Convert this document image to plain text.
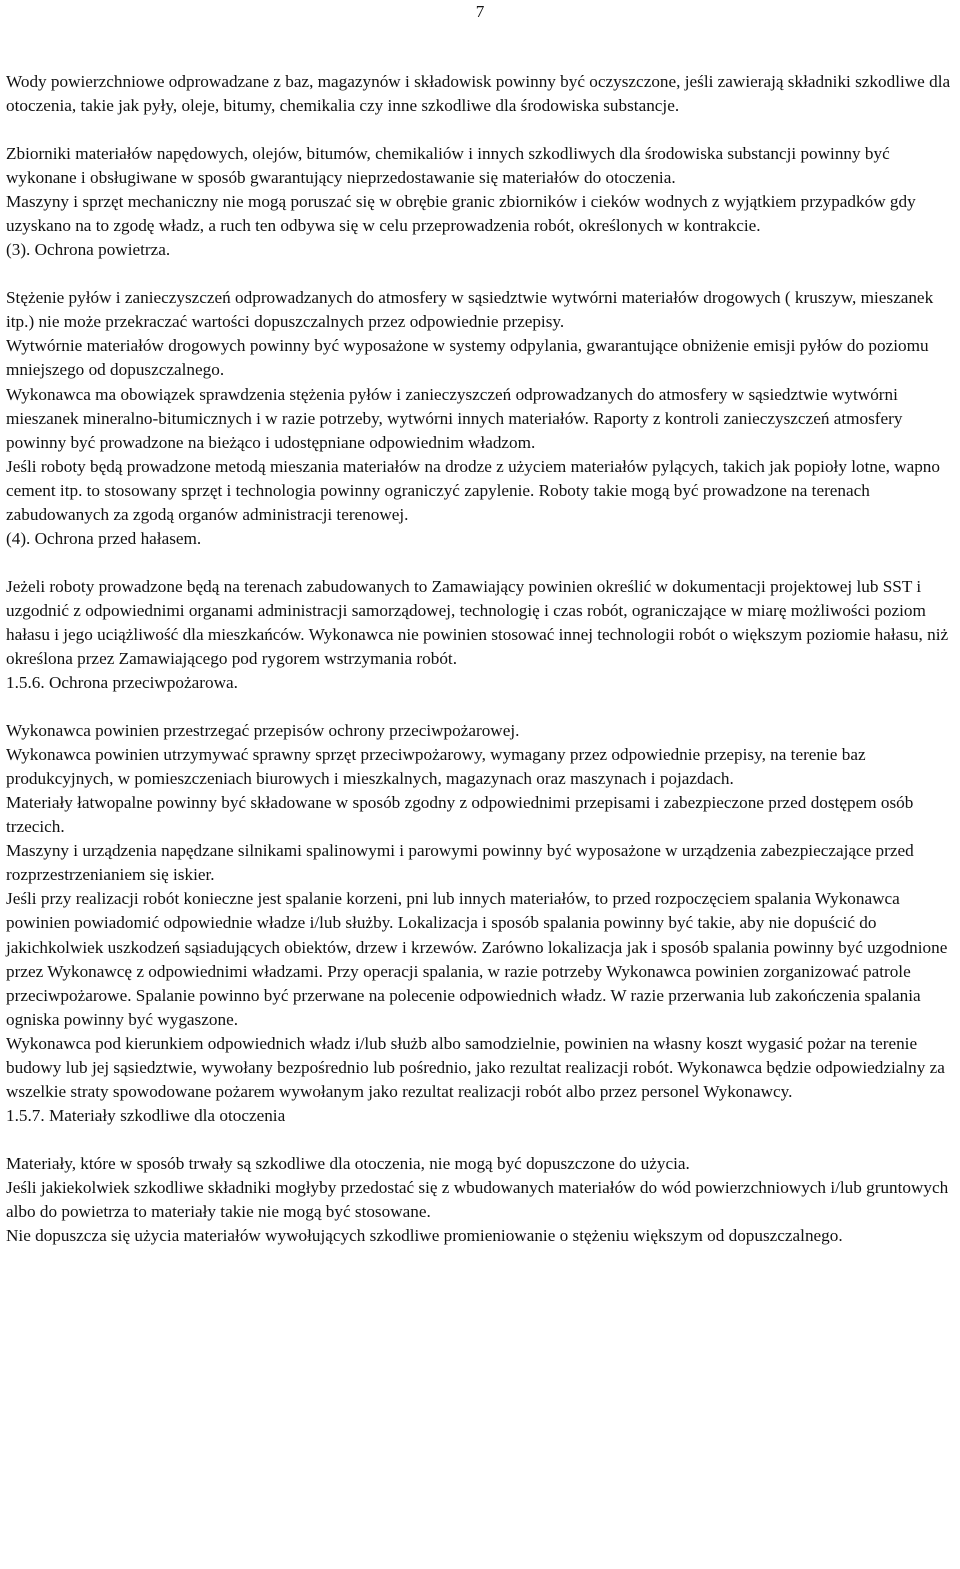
7

Wody powierzchniowe odprowadzane z baz, magazynów i składowisk powinny być oczyszczone, jeśli zawierają składniki szkodliwe dla otoczenia, takie jak pyły, oleje, bitumy, chemikalia czy inne szkodliwe dla środowiska substancje.

Zbiorniki materiałów napędowych, olejów, bitumów, chemikaliów i innych szkodliwych dla środowiska substancji powinny być wykonane i obsługiwane w sposób gwarantujący nieprzedostawanie się materiałów do otoczenia.

Maszyny i sprzęt mechaniczny nie mogą poruszać się w obrębie granic zbiorników i cieków wodnych z wyjątkiem przypadków gdy uzyskano na to zgodę władz, a ruch ten odbywa się w celu przeprowadzenia robót, określonych w kontrakcie.

(3). Ochrona powietrza.

Stężenie pyłów i zanieczyszczeń odprowadzanych do atmosfery w sąsiedztwie wytwórni materiałów drogowych ( kruszyw, mieszanek itp.) nie może przekraczać wartości dopuszczalnych przez odpowiednie przepisy.

Wytwórnie materiałów drogowych powinny być wyposażone w systemy odpylania, gwarantujące obniżenie emisji pyłów do poziomu mniejszego od dopuszczalnego.

Wykonawca ma obowiązek sprawdzenia stężenia pyłów i zanieczyszczeń odprowadzanych do atmosfery w sąsiedztwie wytwórni mieszanek mineralno-bitumicznych i w razie potrzeby, wytwórni innych materiałów. Raporty z kontroli zanieczyszczeń atmosfery powinny być prowadzone na bieżąco i udostępniane odpowiednim władzom.

Jeśli roboty będą prowadzone metodą mieszania materiałów na drodze z użyciem materiałów pylących, takich jak popioły lotne, wapno cement itp. to stosowany sprzęt i technologia powinny ograniczyć zapylenie. Roboty takie mogą być prowadzone na terenach zabudowanych za zgodą organów administracji terenowej.

(4). Ochrona przed hałasem.

Jeżeli roboty prowadzone będą na terenach zabudowanych to Zamawiający powinien określić w dokumentacji projektowej lub SST i uzgodnić z odpowiednimi organami administracji samorządowej, technologię i czas robót, ograniczające w miarę możliwości poziom hałasu i jego uciążliwość dla mieszkańców. Wykonawca nie powinien stosować innej technologii robót o większym poziomie hałasu, niż określona przez Zamawiającego pod rygorem wstrzymania robót.

1.5.6. Ochrona przeciwpożarowa.

Wykonawca powinien przestrzegać przepisów ochrony przeciwpożarowej.

Wykonawca powinien utrzymywać sprawny sprzęt przeciwpożarowy, wymagany przez odpowiednie przepisy, na terenie baz produkcyjnych, w pomieszczeniach biurowych i mieszkalnych, magazynach oraz maszynach i pojazdach.

Materiały łatwopalne powinny być składowane w sposób zgodny z odpowiednimi przepisami i zabezpieczone przed dostępem osób trzecich.

Maszyny i urządzenia napędzane silnikami spalinowymi i parowymi powinny być wyposażone w urządzenia zabezpieczające przed rozprzestrzenianiem się iskier.

Jeśli przy realizacji robót konieczne jest spalanie korzeni, pni lub innych materiałów, to przed rozpoczęciem spalania Wykonawca powinien powiadomić odpowiednie władze i/lub służby. Lokalizacja i sposób spalania powinny być takie, aby nie dopuścić do jakichkolwiek uszkodzeń sąsiadujących obiektów, drzew i krzewów. Zarówno lokalizacja jak i sposób spalania powinny być uzgodnione przez Wykonawcę z odpowiednimi władzami. Przy operacji spalania, w razie potrzeby Wykonawca powinien zorganizować patrole przeciwpożarowe. Spalanie powinno być przerwane na polecenie odpowiednich władz. W razie przerwania lub zakończenia spalania ogniska powinny być wygaszone.

Wykonawca pod kierunkiem odpowiednich władz i/lub służb albo samodzielnie, powinien na własny koszt wygasić pożar na terenie budowy lub jej sąsiedztwie, wywołany bezpośrednio lub pośrednio, jako rezultat realizacji robót. Wykonawca będzie odpowiedzialny za wszelkie straty spowodowane pożarem wywołanym jako rezultat realizacji robót albo przez personel Wykonawcy.

1.5.7. Materiały szkodliwe dla otoczenia

Materiały, które w sposób trwały są szkodliwe dla otoczenia, nie mogą być dopuszczone do użycia.

Jeśli jakiekolwiek szkodliwe składniki mogłyby przedostać się z wbudowanych materiałów do wód powierzchniowych i/lub gruntowych albo do powietrza to materiały takie nie mogą być stosowane.

Nie dopuszcza się użycia materiałów wywołujących szkodliwe promieniowanie o stężeniu większym od dopuszczalnego.
